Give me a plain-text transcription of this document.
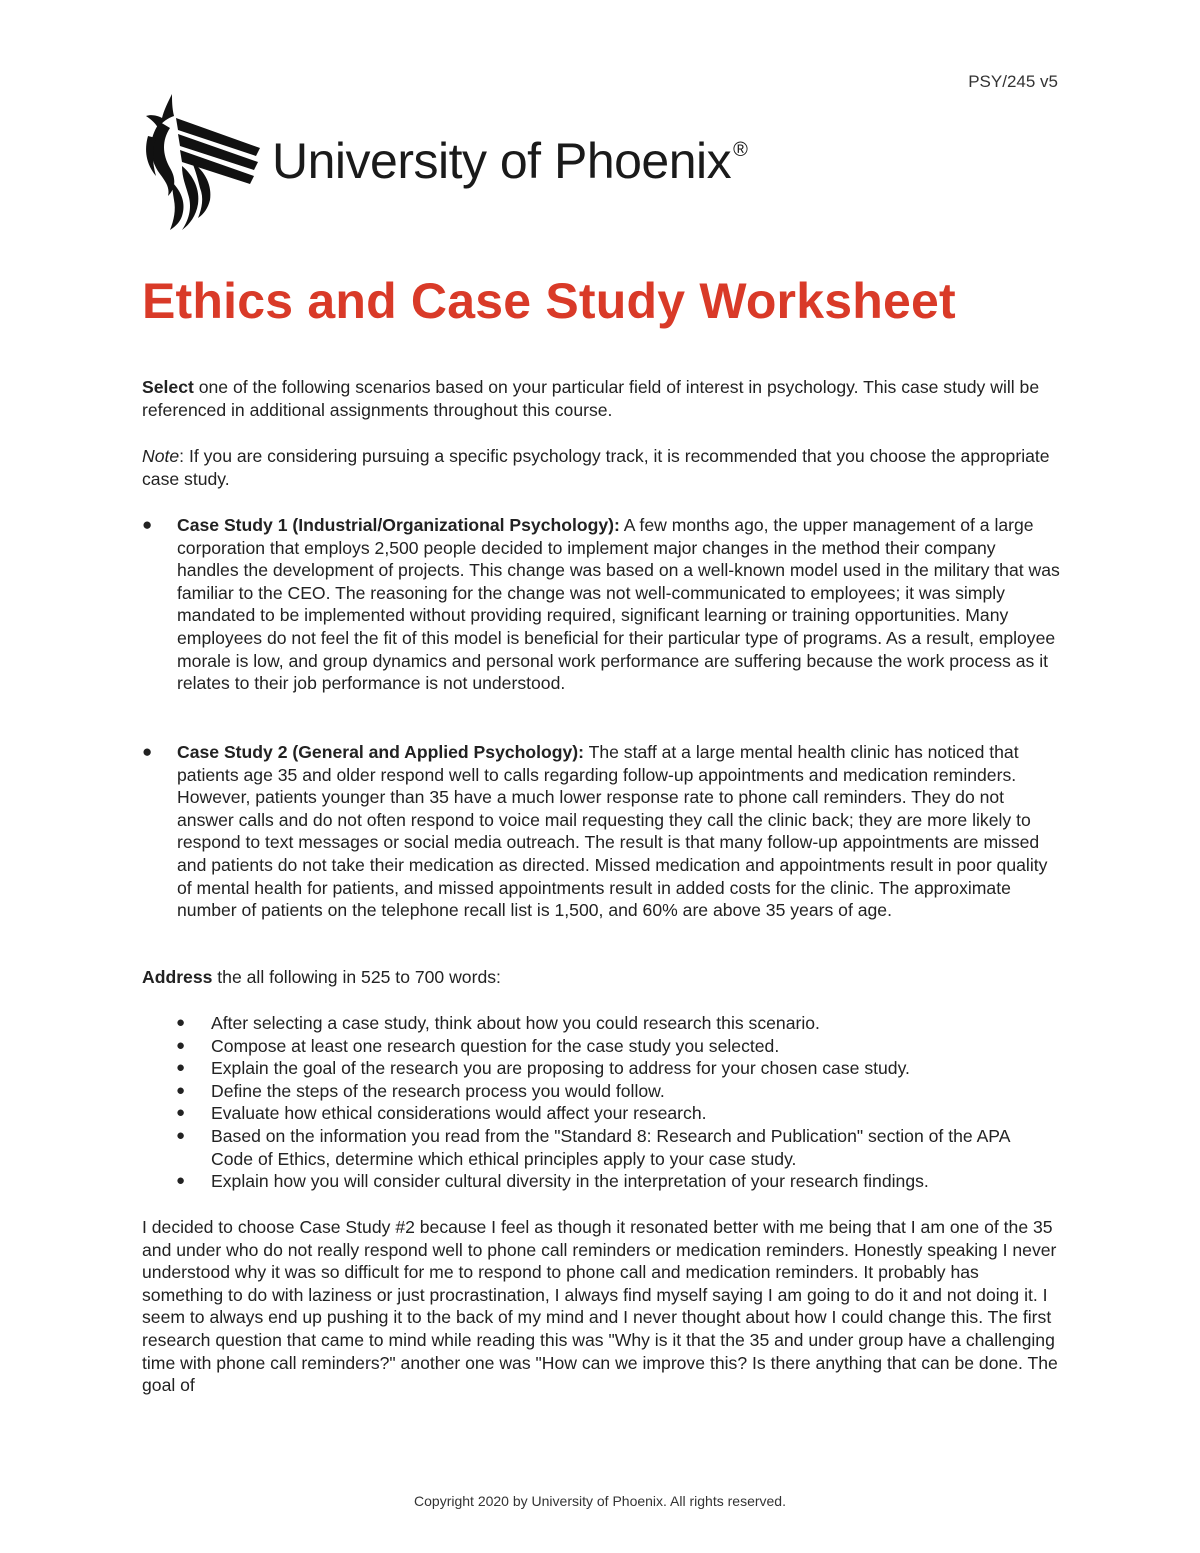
PSY/245 v5
University of Phoenix ®
Ethics and Case Study Worksheet

Select one of the following scenarios based on your particular field of interest in psychology. This case study will be referenced in additional assignments throughout this course.

Note: If you are considering pursuing a specific psychology track, it is recommended that you choose the appropriate case study.

● Case Study 1 (Industrial/Organizational Psychology): A few months ago, the upper management of a large corporation that employs 2,500 people decided to implement major changes in the method their company handles the development of projects. This change was based on a well-known model used in the military that was familiar to the CEO. The reasoning for the change was not well-communicated to employees; it was simply mandated to be implemented without providing required, significant learning or training opportunities. Many employees do not feel the fit of this model is beneficial for their particular type of programs. As a result, employee morale is low, and group dynamics and personal work performance are suffering because the work process as it relates to their job performance is not understood.
● Case Study 2 (General and Applied Psychology): The staff at a large mental health clinic has noticed that patients age 35 and older respond well to calls regarding follow-up appointments and medication reminders. However, patients younger than 35 have a much lower response rate to phone call reminders. They do not answer calls and do not often respond to voice mail requesting they call the clinic back; they are more likely to respond to text messages or social media outreach. The result is that many follow-up appointments are missed and patients do not take their medication as directed. Missed medication and appointments result in poor quality of mental health for patients, and missed appointments result in added costs for the clinic. The approximate number of patients on the telephone recall list is 1,500, and 60% are above 35 years of age.

Address the all following in 525 to 700 words:

● After selecting a case study, think about how you could research this scenario.
● Compose at least one research question for the case study you selected.
● Explain the goal of the research you are proposing to address for your chosen case study.
● Define the steps of the research process you would follow.
● Evaluate how ethical considerations would affect your research.
● Based on the information you read from the "Standard 8: Research and Publication" section of the APA Code of Ethics, determine which ethical principles apply to your case study.
● Explain how you will consider cultural diversity in the interpretation of your research findings.

I decided to choose Case Study #2 because I feel as though it resonated better with me being that I am one of the 35 and under who do not really respond well to phone call reminders or medication reminders. Honestly speaking I never understood why it was so difficult for me to respond to phone call and medication reminders. It probably has something to do with laziness or just procrastination, I always find myself saying I am going to do it and not doing it. I seem to always end up pushing it to the back of my mind and I never thought about how I could change this. The first research question that came to mind while reading this was "Why is it that the 35 and under group have a challenging time with phone call reminders?" another one was "How can we improve this? Is there anything that can be done. The goal of

Copyright 2020 by University of Phoenix. All rights reserved.
